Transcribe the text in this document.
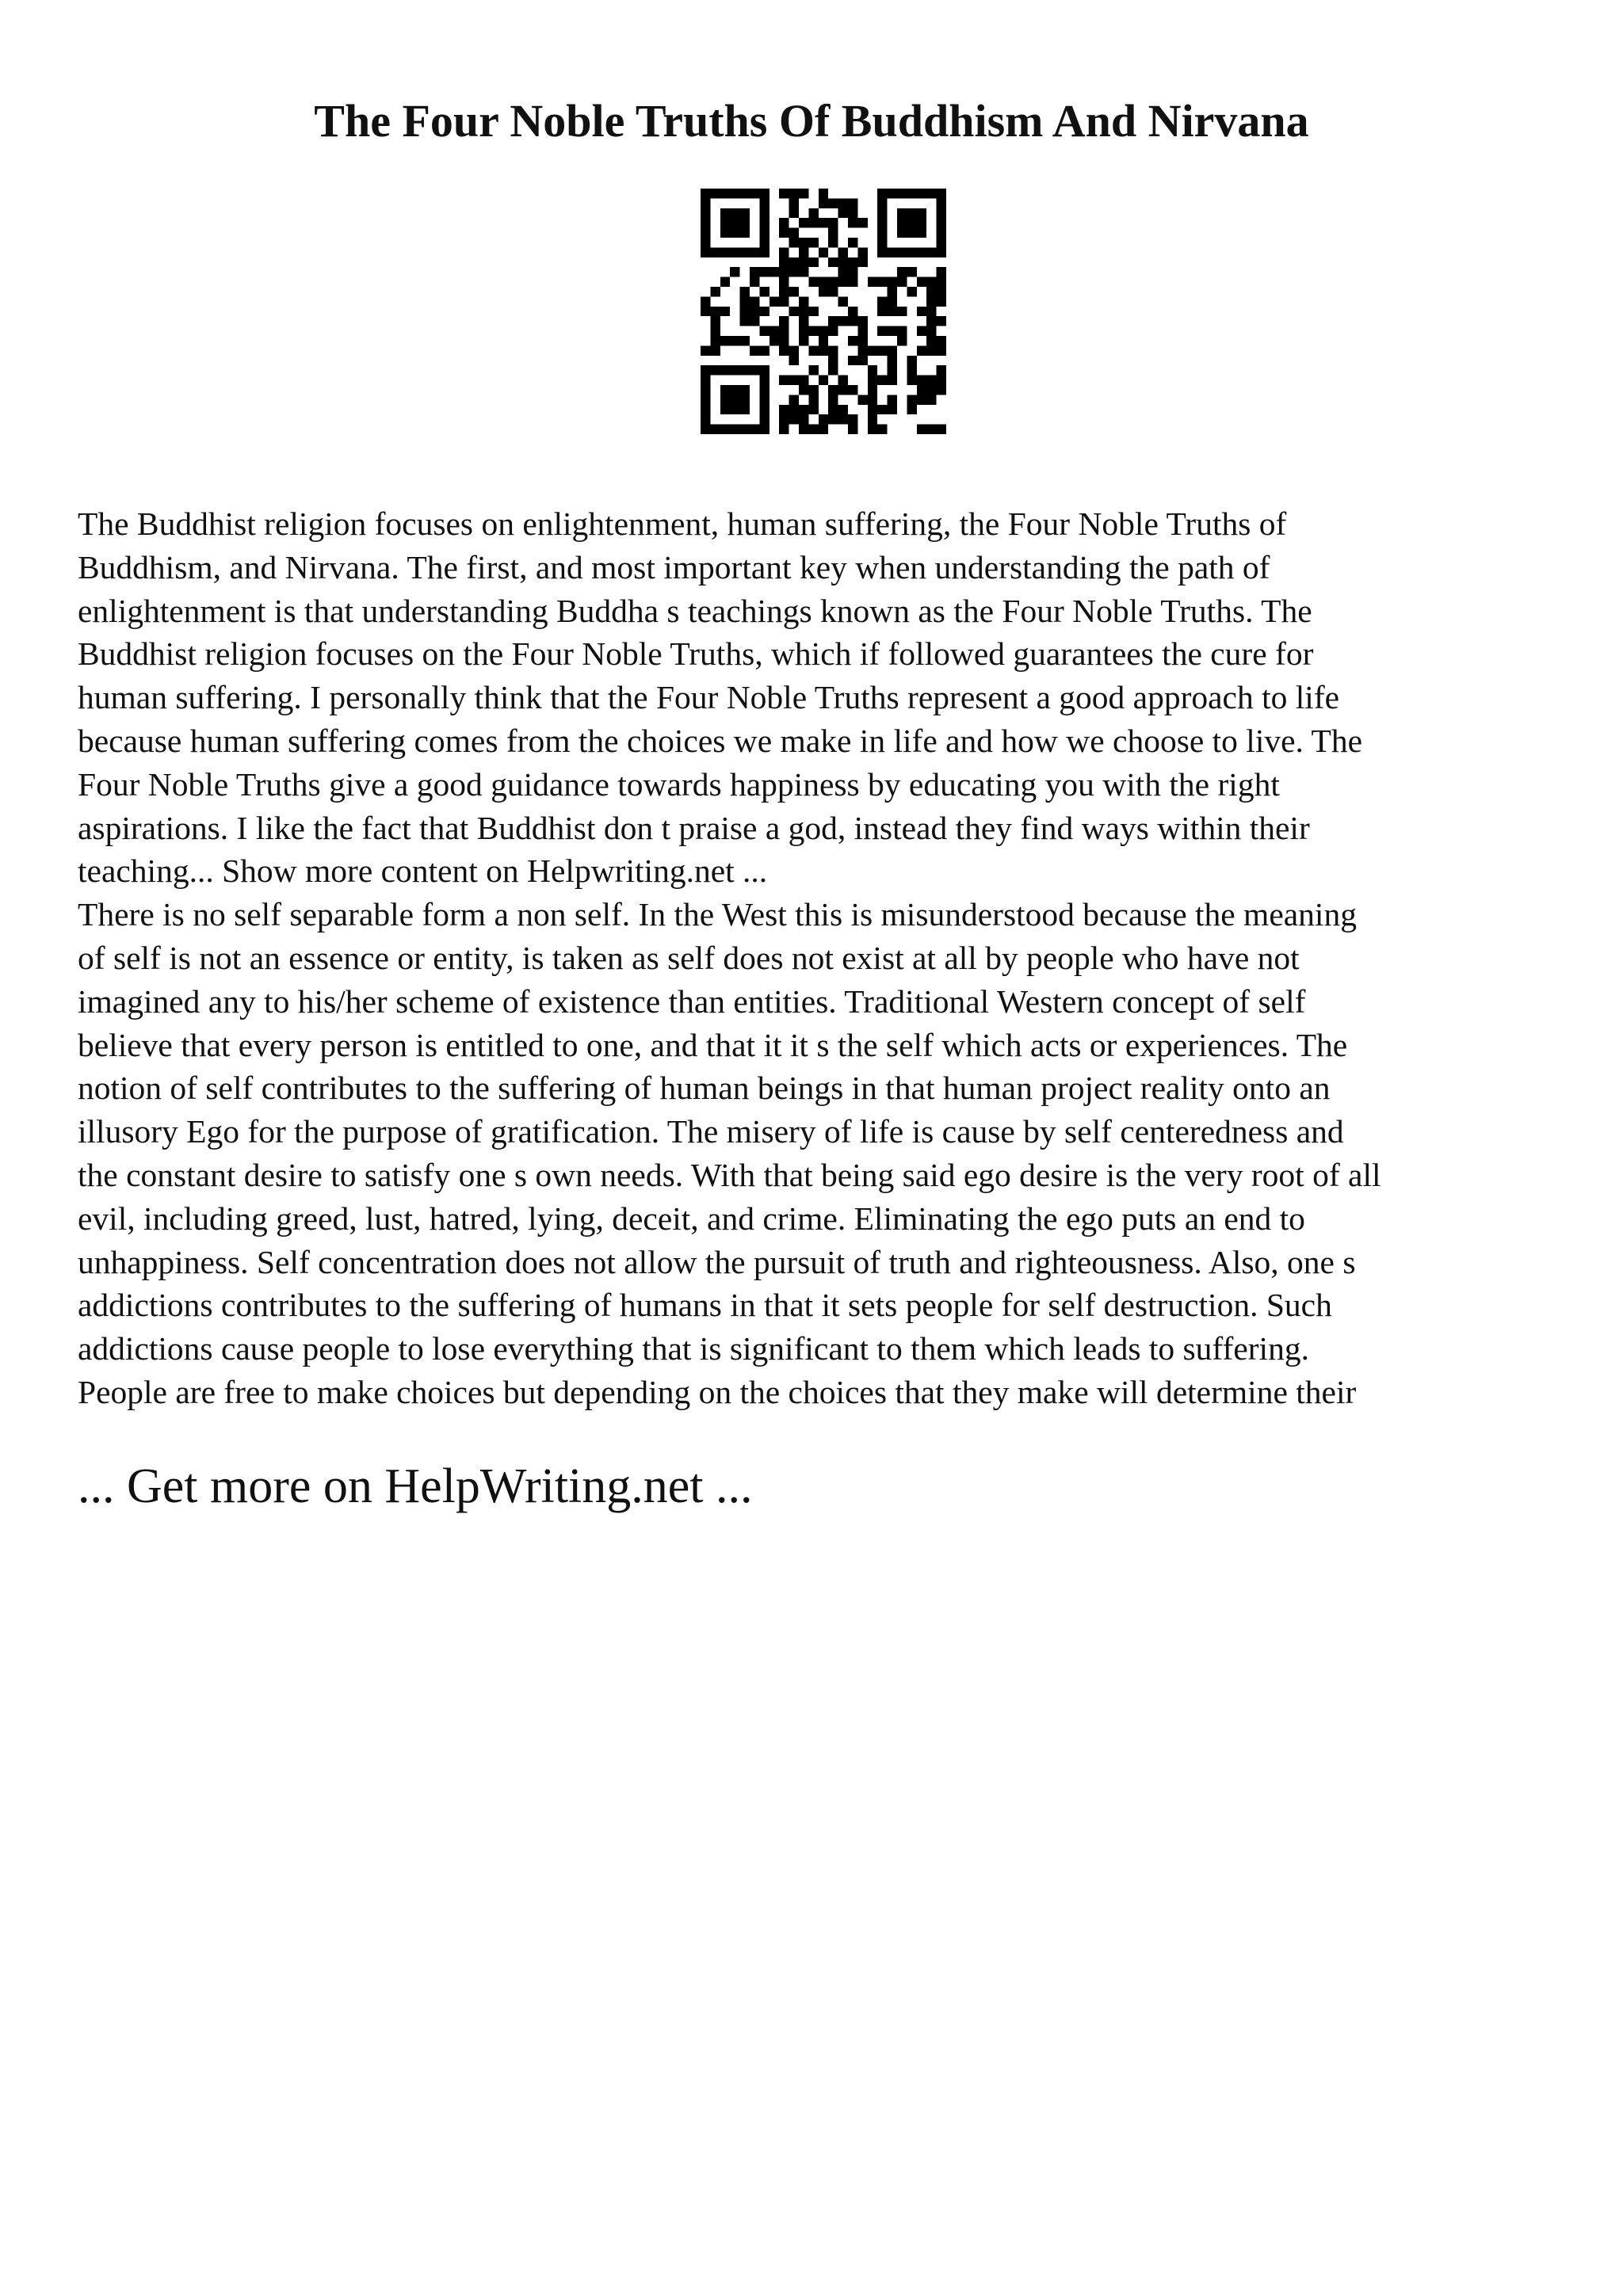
The Four Noble Truths Of Buddhism And Nirvana
The Buddhist religion focuses on enlightenment, human suffering, the Four Noble Truths of
Buddhism, and Nirvana. The first, and most important key when understanding the path of
enlightenment is that understanding Buddha s teachings known as the Four Noble Truths. The
Buddhist religion focuses on the Four Noble Truths, which if followed guarantees the cure for
human suffering. I personally think that the Four Noble Truths represent a good approach to life
because human suffering comes from the choices we make in life and how we choose to live. The
Four Noble Truths give a good guidance towards happiness by educating you with the right
aspirations. I like the fact that Buddhist don t praise a god, instead they find ways within their
teaching... Show more content on Helpwriting.net ...
There is no self separable form a non self. In the West this is misunderstood because the meaning
of self is not an essence or entity, is taken as self does not exist at all by people who have not
imagined any to his/her scheme of existence than entities. Traditional Western concept of self
believe that every person is entitled to one, and that it it s the self which acts or experiences. The
notion of self contributes to the suffering of human beings in that human project reality onto an
illusory Ego for the purpose of gratification. The misery of life is cause by self centeredness and
the constant desire to satisfy one s own needs. With that being said ego desire is the very root of all
evil, including greed, lust, hatred, lying, deceit, and crime. Eliminating the ego puts an end to
unhappiness. Self concentration does not allow the pursuit of truth and righteousness. Also, one s
addictions contributes to the suffering of humans in that it sets people for self destruction. Such
addictions cause people to lose everything that is significant to them which leads to suffering.
People are free to make choices but depending on the choices that they make will determine their

... Get more on HelpWriting.net ...
